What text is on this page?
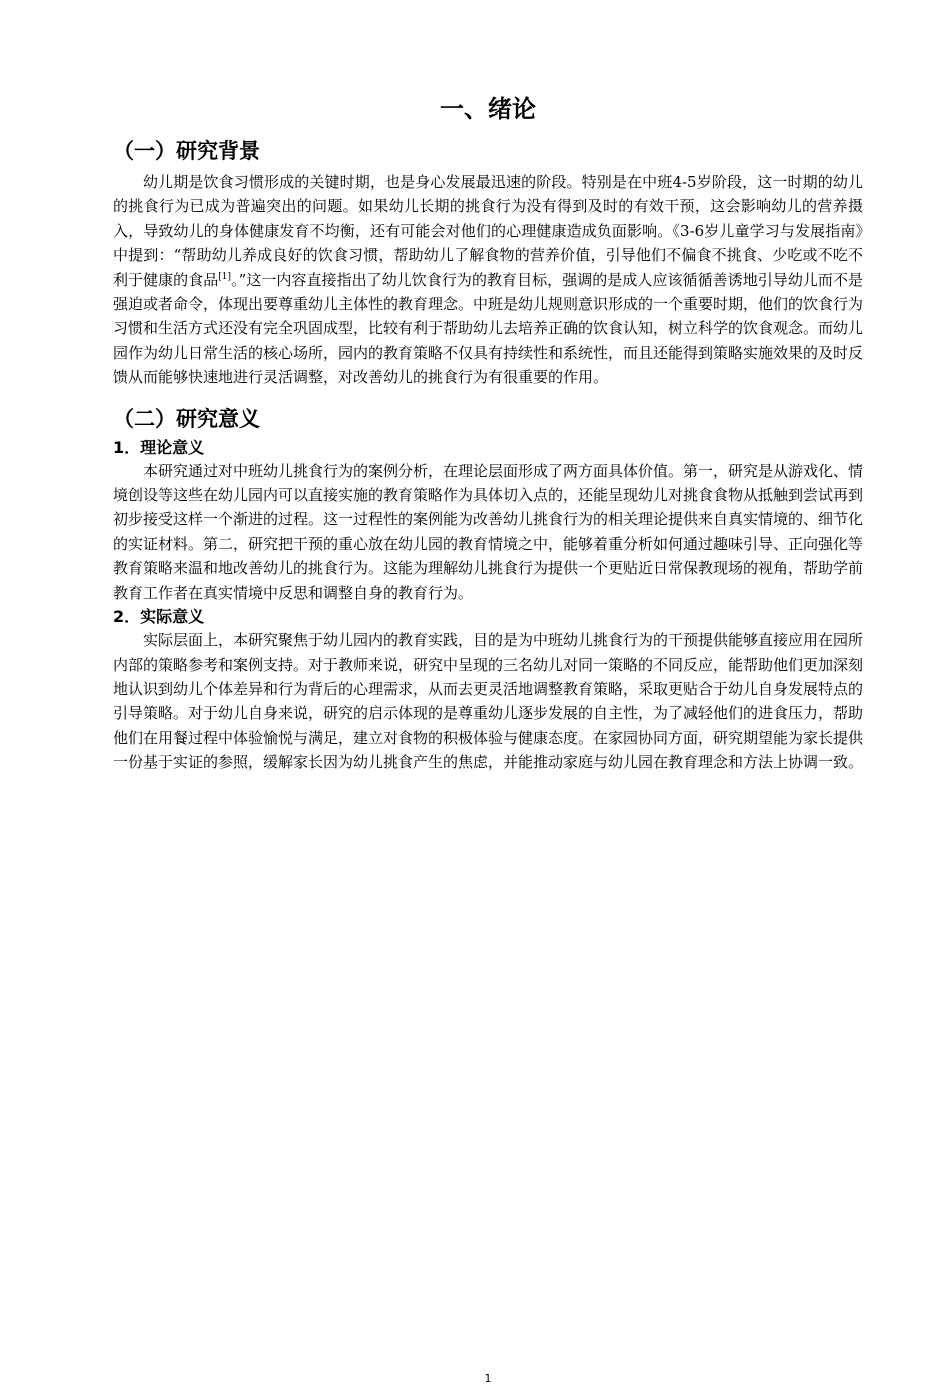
一、绪论
（一）研究背景

幼儿期是饮食习惯形成的关键时期，也是身心发展最迅速的阶段。特别是在中班4-5岁阶段，这一时期的幼儿的挑食行为已成为普遍突出的问题。如果幼儿长期的挑食行为没有得到及时的有效干预，这会影响幼儿的营养摄入，导致幼儿的身体健康发育不均衡，还有可能会对他们的心理健康造成负面影响。《3-6岁儿童学习与发展指南》中提到：“帮助幼儿养成良好的饮食习惯，帮助幼儿了解食物的营养价值，引导他们不偏食不挑食、少吃或不吃不利于健康的食品[1]。”这一内容直接指出了幼儿饮食行为的教育目标，强调的是成人应该循循善诱地引导幼儿而不是强迫或者命令，体现出要尊重幼儿主体性的教育理念。中班是幼儿规则意识形成的一个重要时期，他们的饮食行为习惯和生活方式还没有完全巩固成型，比较有利于帮助幼儿去培养正确的饮食认知，树立科学的饮食观念。而幼儿园作为幼儿日常生活的核心场所，园内的教育策略不仅具有持续性和系统性，而且还能得到策略实施效果的及时反馈从而能够快速地进行灵活调整，对改善幼儿的挑食行为有很重要的作用。

（二）研究意义
1．理论意义

本研究通过对中班幼儿挑食行为的案例分析，在理论层面形成了两方面具体价值。第一，研究是从游戏化、情境创设等这些在幼儿园内可以直接实施的教育策略作为具体切入点的，还能呈现幼儿对挑食食物从抵触到尝试再到初步接受这样一个渐进的过程。这一过程性的案例能为改善幼儿挑食行为的相关理论提供来自真实情境的、细节化的实证材料。第二，研究把干预的重心放在幼儿园的教育情境之中，能够着重分析如何通过趣味引导、正向强化等教育策略来温和地改善幼儿的挑食行为。这能为理解幼儿挑食行为提供一个更贴近日常保教现场的视角，帮助学前教育工作者在真实情境中反思和调整自身的教育行为。

2．实际意义

实际层面上，本研究聚焦于幼儿园内的教育实践，目的是为中班幼儿挑食行为的干预提供能够直接应用在园所内部的策略参考和案例支持。对于教师来说，研究中呈现的三名幼儿对同一策略的不同反应，能帮助他们更加深刻地认识到幼儿个体差异和行为背后的心理需求，从而去更灵活地调整教育策略，采取更贴合于幼儿自身发展特点的引导策略。对于幼儿自身来说，研究的启示体现的是尊重幼儿逐步发展的自主性，为了减轻他们的进食压力，帮助他们在用餐过程中体验愉悦与满足，建立对食物的积极体验与健康态度。在家园协同方面，研究期望能为家长提供一份基于实证的参照，缓解家长因为幼儿挑食产生的焦虑，并能推动家庭与幼儿园在教育理念和方法上协调一致。

1
